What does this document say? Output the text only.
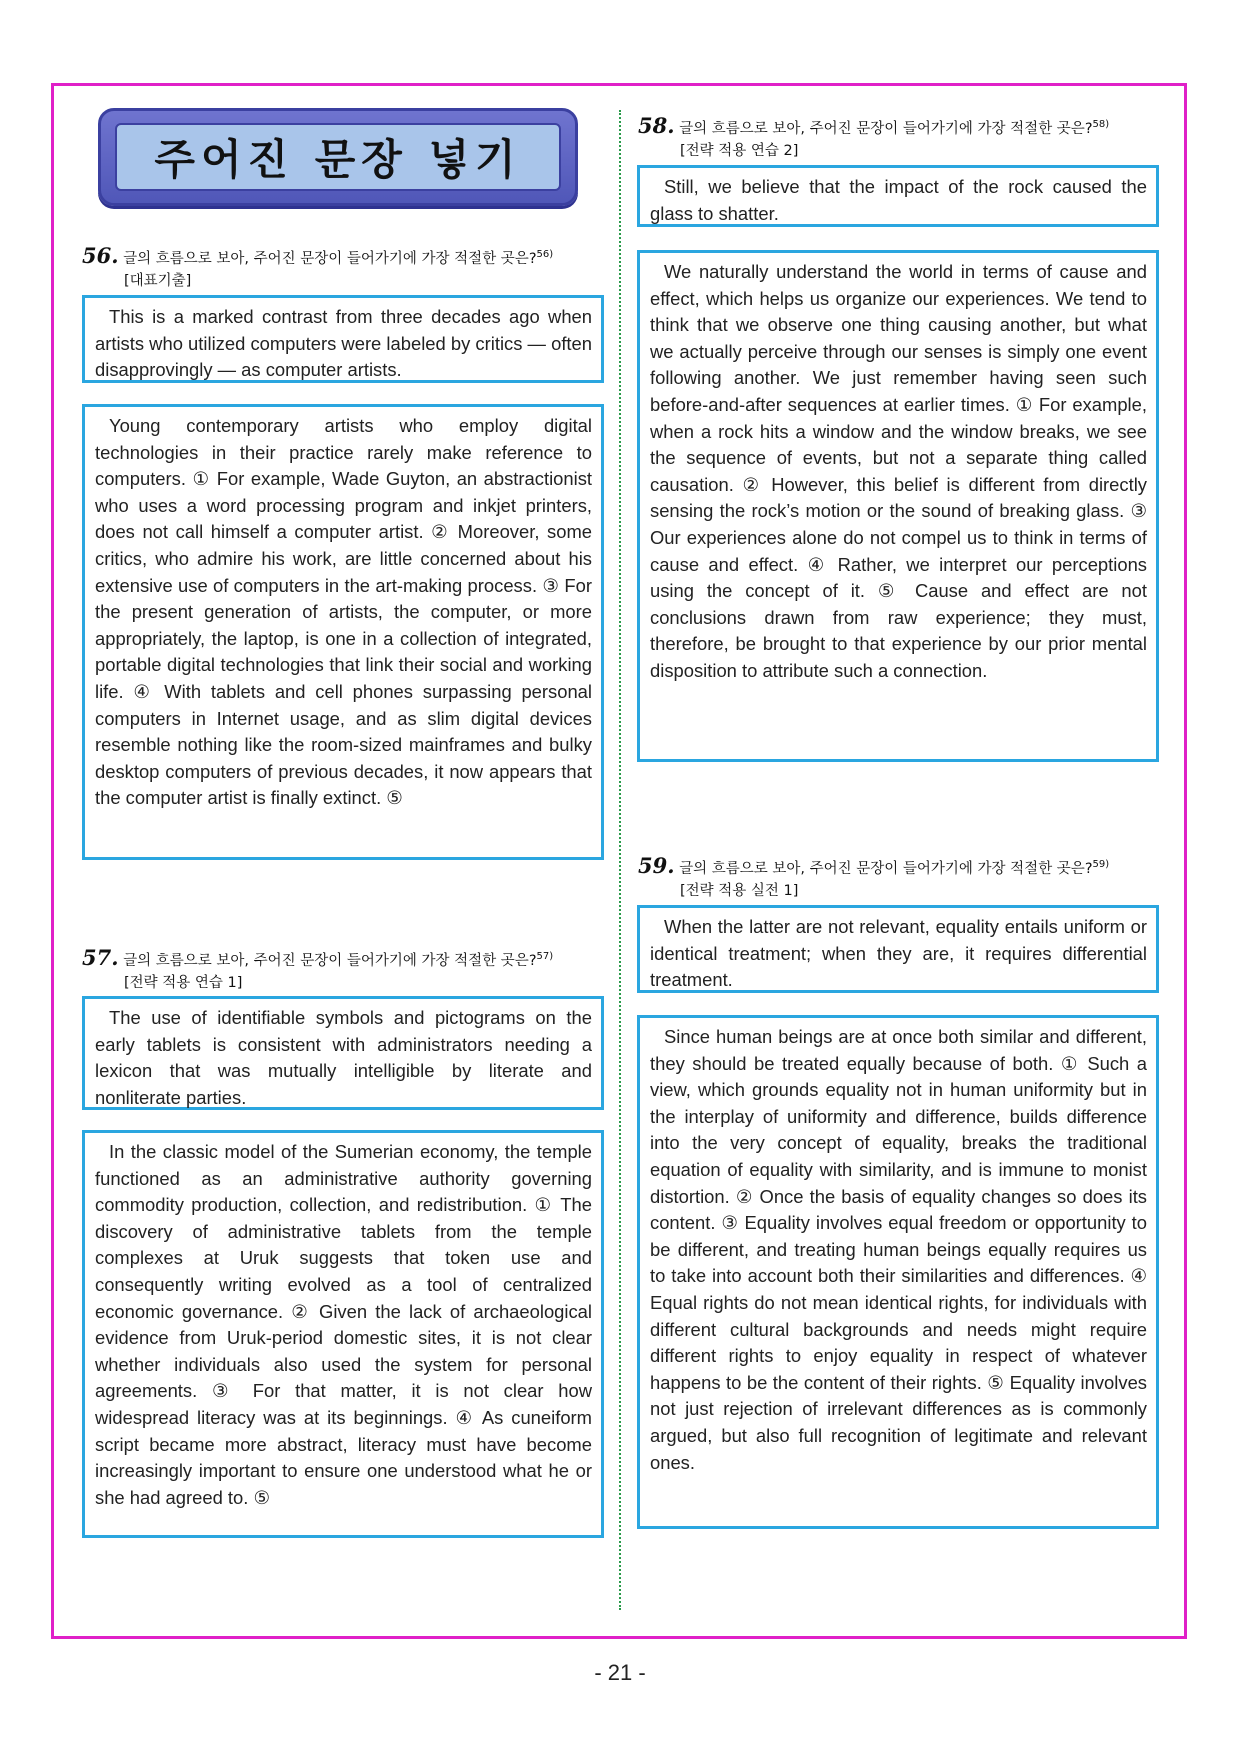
주어진 문장 넣기
56. 글의 흐름으로 보아, 주어진 문장이 들어가기에 가장 적절한 곳은?$^{56)}$
[대표기출]

This is a marked contrast from three decades ago when artists who utilized computers were labeled by critics — often disapprovingly — as computer artists.

Young contemporary artists who employ digital technologies in their practice rarely make reference to computers. ① For example, Wade Guyton, an abstractionist who uses a word processing program and inkjet printers, does not call himself a computer artist. ② Moreover, some critics, who admire his work, are little concerned about his extensive use of computers in the art-making process. ③ For the present generation of artists, the computer, or more appropriately, the laptop, is one in a collection of integrated, portable digital technologies that link their social and working life. ④ With tablets and cell phones surpassing personal computers in Internet usage, and as slim digital devices resemble nothing like the room-sized mainframes and bulky desktop computers of previous decades, it now appears that the computer artist is finally extinct. ⑤

57. 글의 흐름으로 보아, 주어진 문장이 들어가기에 가장 적절한 곳은?$^{57)}$
[전략 적용 연습 1]

The use of identifiable symbols and pictograms on the early tablets is consistent with administrators needing a lexicon that was mutually intelligible by literate and nonliterate parties.

In the classic model of the Sumerian economy, the temple functioned as an administrative authority governing commodity production, collection, and redistribution. ① The discovery of administrative tablets from the temple complexes at Uruk suggests that token use and consequently writing evolved as a tool of centralized economic governance. ② Given the lack of archaeological evidence from Uruk-period domestic sites, it is not clear whether individuals also used the system for personal agreements. ③ For that matter, it is not clear how widespread literacy was at its beginnings. ④ As cuneiform script became more abstract, literacy must have become increasingly important to ensure one understood what he or she had agreed to. ⑤

58. 글의 흐름으로 보아, 주어진 문장이 들어가기에 가장 적절한 곳은?$^{58)}$
[전략 적용 연습 2]

Still, we believe that the impact of the rock caused the glass to shatter.

We naturally understand the world in terms of cause and effect, which helps us organize our experiences. We tend to think that we observe one thing causing another, but what we actually perceive through our senses is simply one event following another. We just remember having seen such before-and-after sequences at earlier times. ① For example, when a rock hits a window and the window breaks, we see the sequence of events, but not a separate thing called causation. ② However, this belief is different from directly sensing the rock’s motion or the sound of breaking glass. ③ Our experiences alone do not compel us to think in terms of cause and effect. ④ Rather, we interpret our perceptions using the concept of it. ⑤ Cause and effect are not conclusions drawn from raw experience; they must, therefore, be brought to that experience by our prior mental disposition to attribute such a connection.

59. 글의 흐름으로 보아, 주어진 문장이 들어가기에 가장 적절한 곳은?$^{59)}$
[전략 적용 실전 1]

When the latter are not relevant, equality entails uniform or identical treatment; when they are, it requires differential treatment.

Since human beings are at once both similar and different, they should be treated equally because of both. ① Such a view, which grounds equality not in human uniformity but in the interplay of uniformity and difference, builds difference into the very concept of equality, breaks the traditional equation of equality with similarity, and is immune to monist distortion. ② Once the basis of equality changes so does its content. ③ Equality involves equal freedom or opportunity to be different, and treating human beings equally requires us to take into account both their similarities and differences. ④ Equal rights do not mean identical rights, for individuals with different cultural backgrounds and needs might require different rights to enjoy equality in respect of whatever happens to be the content of their rights. ⑤ Equality involves not just rejection of irrelevant differences as is commonly argued, but also full recognition of legitimate and relevant ones.

- 21 -
